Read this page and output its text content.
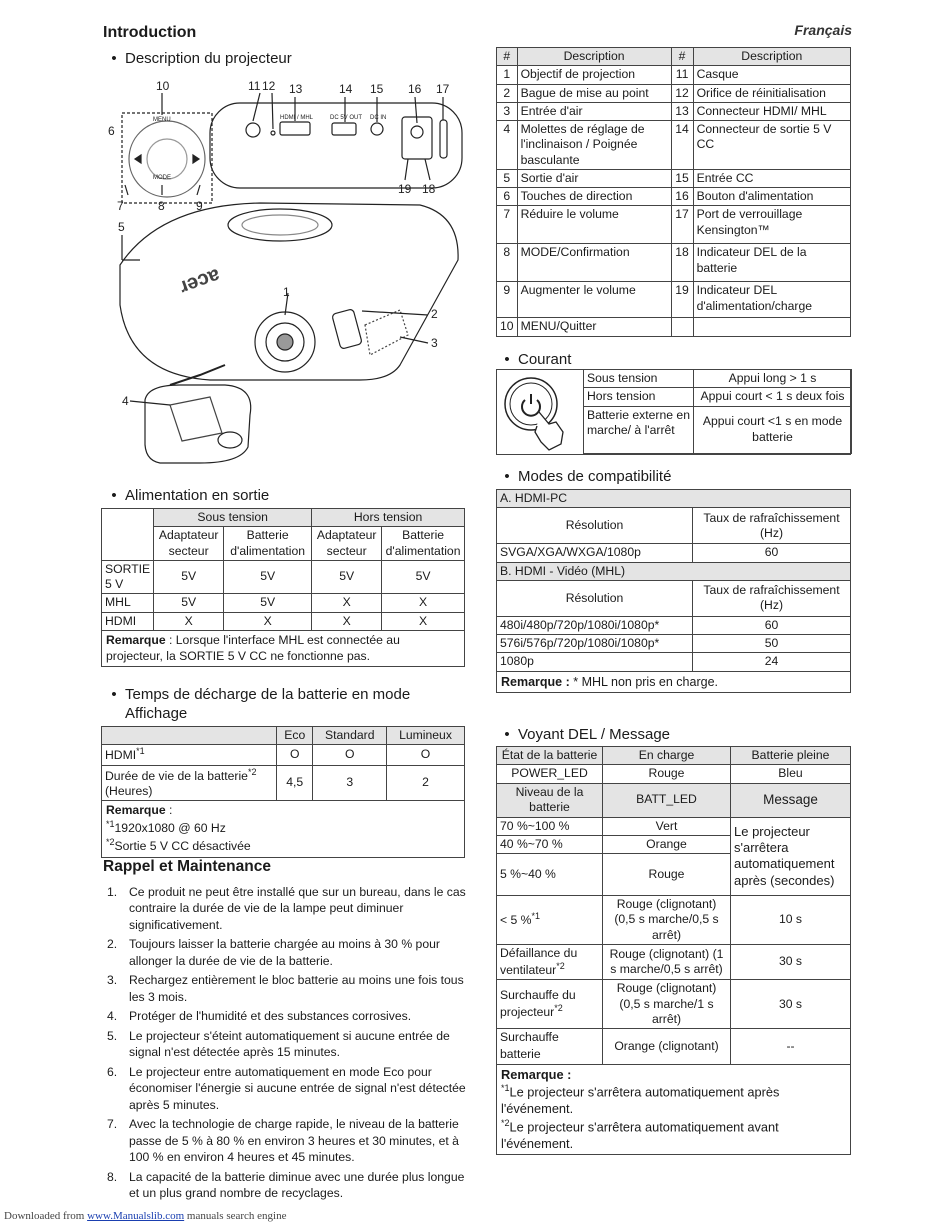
Introduction	Français
• Description du projecteur
10	11 12 13	14 15 16 17
6
7	8	9
19 18
5
1
2
3
4
MENU
MODE
HDMI / MHL	DC 5V OUT DC IN
acer
#	Description	#	Description
1	Objectif de projection	11	Casque
2	Bague de mise au point	12	Orifice de réinitialisation
3	Entrée d'air	13	Connecteur HDMI/ MHL
4	Molettes de réglage de l'inclinaison / Poignée basculante	14	Connecteur de sortie 5 V CC
5	Sortie d'air	15	Entrée CC
6	Touches de direction	16	Bouton d'alimentation
7	Réduire le volume	17	Port de verrouillage Kensington™
8	MODE/Confirmation	18	Indicateur DEL de la batterie
9	Augmenter le volume	19	Indicateur DEL d'alimentation/charge
10	MENU/Quitter		
• Courant
Sous tension	Appui long > 1 s
Hors tension	Appui court < 1 s deux fois
Batterie externe en marche/ à l'arrêt	Appui court <1 s en mode batterie
• Alimentation en sortie
	Sous tension		Hors tension	
	Adaptateur secteur	Batterie d'alimentation	Adaptateur secteur	Batterie d'alimentation
SORTIE 5 V	5V	5V	5V	5V
MHL	5V	5V	X	X
HDMI	X	X	X	X
Remarque : Lorsque l'interface MHL est connectée au projecteur, la SORTIE 5 V CC ne fonctionne pas.
• Temps de décharge de la batterie en mode Affichage
	Eco	Standard	Lumineux
HDMI$^{*1}$	O	O	O
Durée de vie de la batterie$^{*2}$
(Heures)	4,5	3	2
Remarque :
$^{*1}$1920x1080 @ 60 Hz
$^{*2}$Sortie 5 V CC désactivée
Rappel et Maintenance
1. Ce produit ne peut être installé que sur un bureau, dans le cas contraire la durée de vie de la lampe peut diminuer significativement.
2. Toujours laisser la batterie chargée au moins à 30 % pour allonger la durée de vie de la batterie.
3. Rechargez entièrement le bloc batterie au moins une fois tous les 3 mois.
4. Protéger de l'humidité et des substances corrosives.
5. Le projecteur s'éteint automatiquement si aucune entrée de signal n'est détectée après 15 minutes.
6. Le projecteur entre automatiquement en mode Eco pour économiser l'énergie si aucune entrée de signal n'est détectée après 5 minutes.
7. Avec la technologie de charge rapide, le niveau de la batterie passe de 5 % à 80 % en environ 3 heures et 30 minutes, et à 100 % en environ 4 heures et 45 minutes.
8. La capacité de la batterie diminue avec une durée plus longue et un plus grand nombre de recyclages.
• Modes de compatibilité
A. HDMI-PC	
Résolution	Taux de rafraîchissement (Hz)
SVGA/XGA/WXGA/1080p	60
B. HDMI - Vidéo (MHL)	
Résolution	Taux de rafraîchissement (Hz)
480i/480p/720p/1080i/1080p*	60
576i/576p/720p/1080i/1080p*	50
1080p	24
Remarque : * MHL non pris en charge.
• Voyant DEL / Message
État de la batterie	En charge	Batterie pleine
POWER_LED	Rouge	Bleu
Niveau de la batterie	BATT_LED	Message
70 %~100 %	Vert	Le projecteur s'arrêtera automatiquement après (secondes)
40 %~70 %	Orange	
5 %~40 %	Rouge	
< 5 %$^{*1}$	Rouge (clignotant) (0,5 s marche/0,5 s arrêt)	10 s
Défaillance du ventilateur$^{*2}$	Rouge (clignotant) (1 s marche/0,5 s arrêt)	30 s
Surchauffe du projecteur$^{*2}$	Rouge (clignotant) (0,5 s marche/1 s arrêt)	30 s
Surchauffe batterie	Orange (clignotant)	--
Remarque :
$^{*1}$Le projecteur s'arrêtera automatiquement après l'événement.
$^{*2}$Le projecteur s'arrêtera automatiquement avant l'événement.
Downloaded from www.Manualslib.com manuals search engine
